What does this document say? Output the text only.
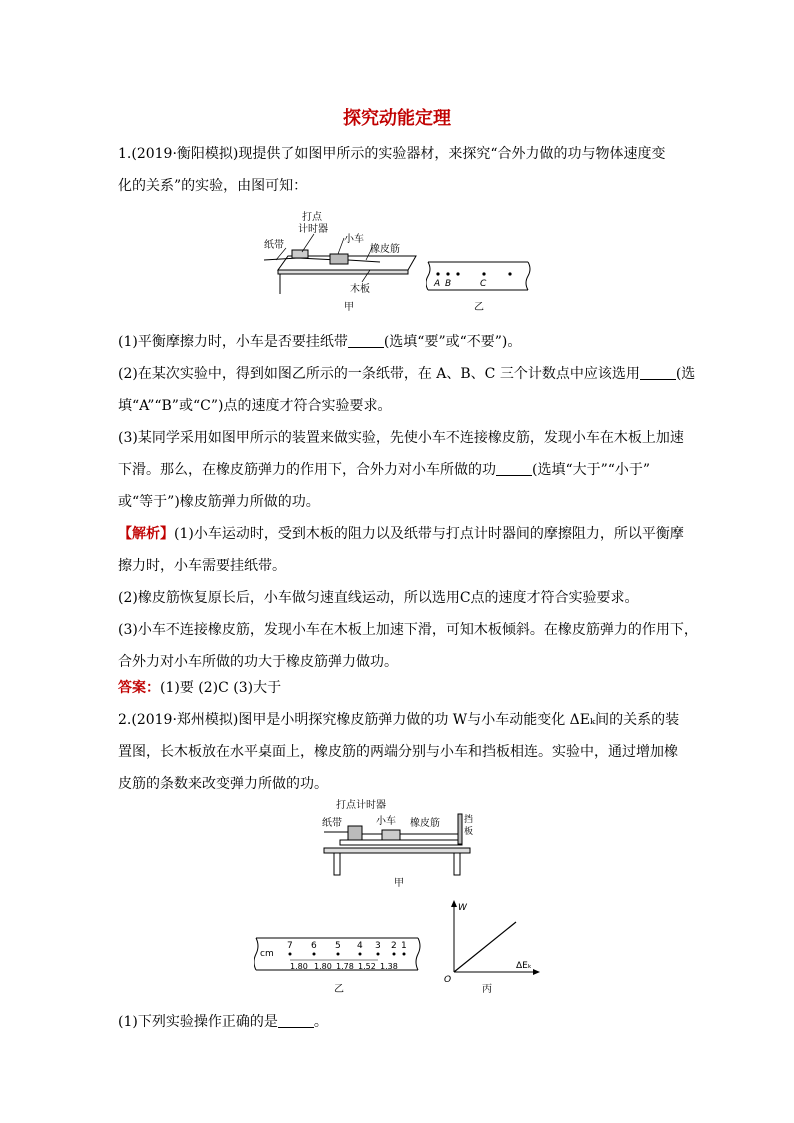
探究动能定理
1.(2019·衡阳模拟)现提供了如图甲所示的实验器材，来探究“合外力做的功与物体速度变
化的关系”的实验，由图可知：
打点
计时器
纸带
小车
橡皮筋
木板
甲
A B	C
乙
(1)平衡摩擦力时，小车是否要挂纸带	(选填“要”或“不要”)。
(2)在某次实验中，得到如图乙所示的一条纸带，在 A、B、C 三个计数点中应该选用	(选
填“A”“B”或“C”)点的速度才符合实验要求。
(3)某同学采用如图甲所示的装置来做实验，先使小车不连接橡皮筋，发现小车在木板上加速
下滑。那么，在橡皮筋弹力的作用下，合外力对小车所做的功	(选填“大于”“小于”
或“等于”)橡皮筋弹力所做的功。
【解析】(1)小车运动时，受到木板的阻力以及纸带与打点计时器间的摩擦阻力，所以平衡摩
擦力时，小车需要挂纸带。
(2)橡皮筋恢复原长后，小车做匀速直线运动，所以选用C点的速度才符合实验要求。
(3)小车不连接橡皮筋，发现小车在木板上加速下滑，可知木板倾斜。在橡皮筋弹力的作用下，
合外力对小车所做的功大于橡皮筋弹力做功。
答案：(1)要 (2)C (3)大于
2.(2019·郑州模拟)图甲是小明探究橡皮筋弹力做的功 W与小车动能变化 ΔEₖ间的关系的装
置图，长木板放在水平桌面上，橡皮筋的两端分别与小车和挡板相连。实验中，通过增加橡
皮筋的条数来改变弹力所做的功。
打点计时器
纸带	小车 橡皮筋	挡
板
甲
cm
7 6 5 4 3 2 1
1.80 1.80 1.78 1.52 1.38
乙
W
ΔEₖ
O
丙
(1)下列实验操作正确的是	。
